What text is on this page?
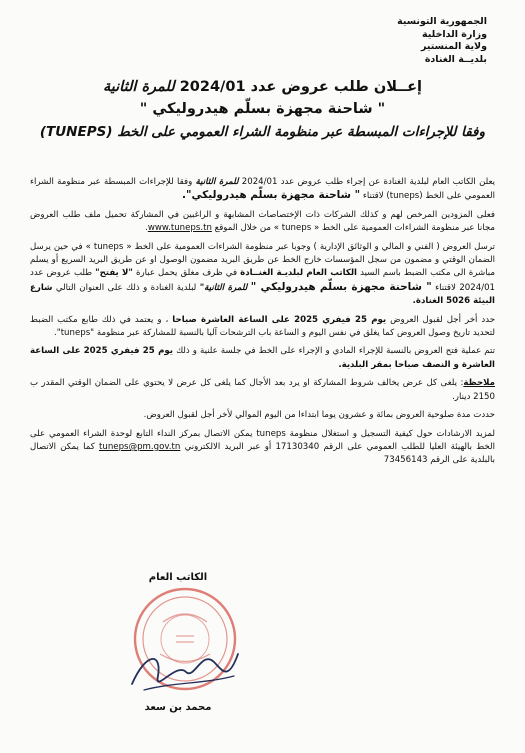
الجمهورية التونسية
وزارة الداخلية
ولاية المنستير
بلديــة الغنادة
إعــلان طلب عروض عدد 2024/01 للمرة الثانية
" شاحنة مجهزة بسلّم هيدروليكي "
وفقا للإجراءات المبسطة عبر منظومة الشراء العمومي على الخط (TUNEPS)

يعلن الكاتب العام لبلدية الغنادة عن إجراء طلب عروض عدد 2024/01 للمرة الثانية وفقا للإجراءات المبسطة عبر منظومة الشراء العمومي على الخط (tuneps) لاقتناء " شاحنة مجهزة بسلّم هيدروليكي".

فعلى المزودين المرخص لهم و كذلك الشركات ذات الإختصاصات المشابهة و الراغبين في المشاركة تحميل ملف طلب العروض مجانا عبر منظومة الشراءات العمومية على الخط « tuneps » من خلال الموقع www.tuneps.tn.

ترسل العروض ( الفني و المالي و الوثائق الإدارية ) وجوبا عبر منظومة الشراءات العمومية على الخط « tuneps » في حين يرسل الضمان الوقتي و مضمون من سجل المؤسسات خارج الخط عن طريق البريد مضمون الوصول او عن طريق البريد السريع أو يسلم مباشرة الى مكتب الضبط باسم السيد الكاتب العام لبلديـة الغنــادة في ظرف مغلق يحمل عبارة "لا يفتح" طلب عروض عدد 2024/01 لاقتناء " شاحنة مجهزة بسلّم هيدروليكي " للمرة الثانية" لبلدية الغنادة و ذلك على العنوان التالي شارع البيئة 5026 الغنادة.

حدد أخر أجل لقبول العروض يوم 25 فيفري 2025 على الساعة العاشرة صباحا ، و يعتمد في ذلك طابع مكتب الضبط لتحديد تاريخ وصول العروض كما يغلق في نفس اليوم و الساعة باب الترشحات آليا بالنسبة للمشاركة عبر منظومة "tuneps".

تتم عملية فتح العروض بالنسبة للإجراء المادي و الإجراء على الخط في جلسة علنية و ذلك يوم 25 فيفري 2025 على الساعة العاشرة و النصف صباحا بمقر البلدية.

ملاحظة: يلغى كل عرض يخالف شروط المشاركة او يرد بعد الأجال كما يلغى كل عرض لا يحتوي على الضمان الوقتي المقدر ب 2150 دينار.

حددت مدة صلوحية العروض بمائة و عشرون يوما ابتداءا من اليوم الموالي لأخر أجل لقبول العروض.

لمزيد الارشادات حول كيفية التسجيل و استغلال منظومة tuneps يمكن الاتصال بمركز النداء التابع لوحدة الشراء العمومي على الخط بالهيئة العليا للطلب العمومي على الرقم 17130340 أو عبر البريد الالكتروني tuneps@pm.gov.tn كما يمكن الاتصال بالبلدية على الرقم 73456143

الكاتب العام
محمد بن سعد
